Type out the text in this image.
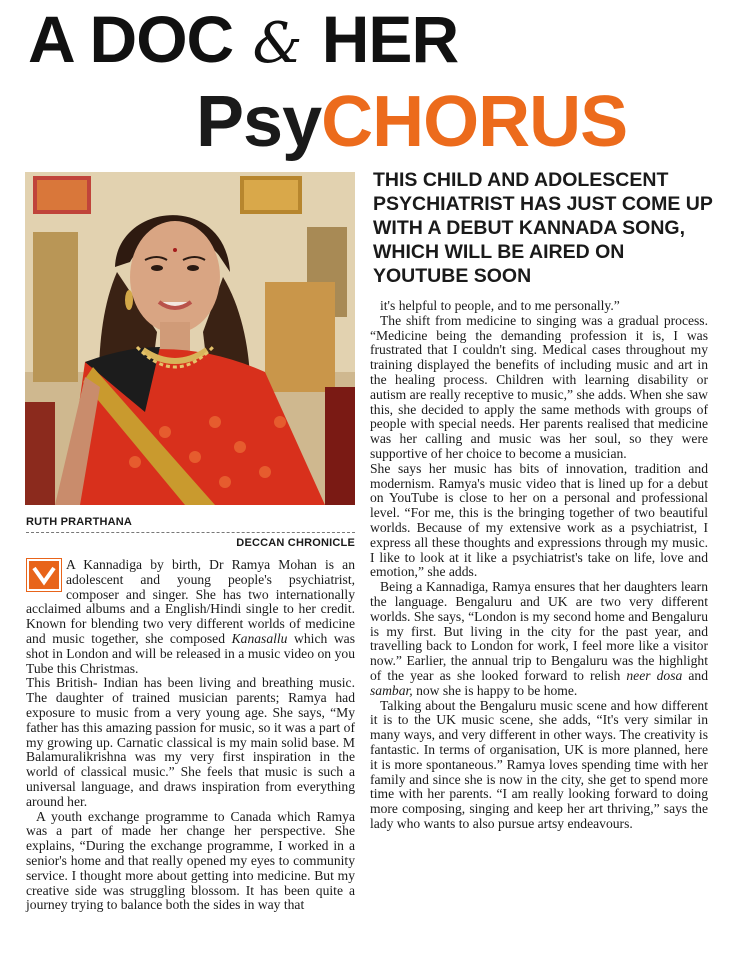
A DOC & HER
PsyCHORUS
THIS CHILD AND ADOLESCENT PSYCHIATRIST HAS JUST COME UP WITH A DEBUT KANNADA SONG, WHICH WILL BE AIRED ON YOUTUBE SOON
RUTH PRARTHANA
DECCAN CHRONICLE

A Kannadiga by birth, Dr Ramya Mohan is an adolescent and young people's psychiatrist, composer and singer. She has two internationally acclaimed albums and a English/Hindi single to her credit. Known for blending two very different worlds of medicine and music together, she composed Kanasallu which was shot in London and will be released in a music video on you Tube this Christmas.

This British- Indian has been living and breathing music. The daughter of trained musician parents; Ramya had exposure to music from a very young age. She says, “My father has this amazing passion for music, so it was a part of my growing up. Carnatic classical is my main solid base. M Balamuralikrishna was my very first inspiration in the world of classical music.” She feels that music is such a universal language, and draws inspiration from everything around her.

A youth exchange programme to Canada which Ramya was a part of made her change her perspective. She explains, “During the exchange programme, I worked in a senior's home and that really opened my eyes to community service. I thought more about getting into medicine. But my creative side was struggling blossom. It has been quite a journey trying to balance both the sides in way that

it's helpful to people, and to me personally.”

The shift from medicine to singing was a gradual process. “Medicine being the demanding profession it is, I was frustrated that I couldn't sing. Medical cases throughout my training displayed the benefits of including music and art in the healing process. Children with learning disability or autism are really receptive to music,” she adds. When she saw this, she decided to apply the same methods with groups of people with special needs. Her parents realised that medicine was her calling and music was her soul, so they were supportive of her choice to become a musician.

She says her music has bits of innovation, tradition and modernism. Ramya's music video that is lined up for a debut on YouTube is close to her on a personal and professional level. “For me, this is the bringing together of two beautiful worlds. Because of my extensive work as a psychiatrist, I express all these thoughts and expressions through my music. I like to look at it like a psychiatrist's take on life, love and emotion,” she adds.

Being a Kannadiga, Ramya ensures that her daughters learn the language. Bengaluru and UK are two very different worlds. She says, “London is my second home and Bengaluru is my first. But living in the city for the past year, and travelling back to London for work, I feel more like a visitor now.” Earlier, the annual trip to Bengaluru was the highlight of the year as she looked forward to relish neer dosa and sambar, now she is happy to be home.

Talking about the Bengaluru music scene and how different it is to the UK music scene, she adds, “It's very similar in many ways, and very different in other ways. The creativity is fantastic. In terms of organisation, UK is more planned, here it is more spontaneous.” Ramya loves spending time with her family and since she is now in the city, she get to spend more time with her parents. “I am really looking forward to doing more composing, singing and keep her art thriving,” says the lady who wants to also pursue artsy endeavours.
